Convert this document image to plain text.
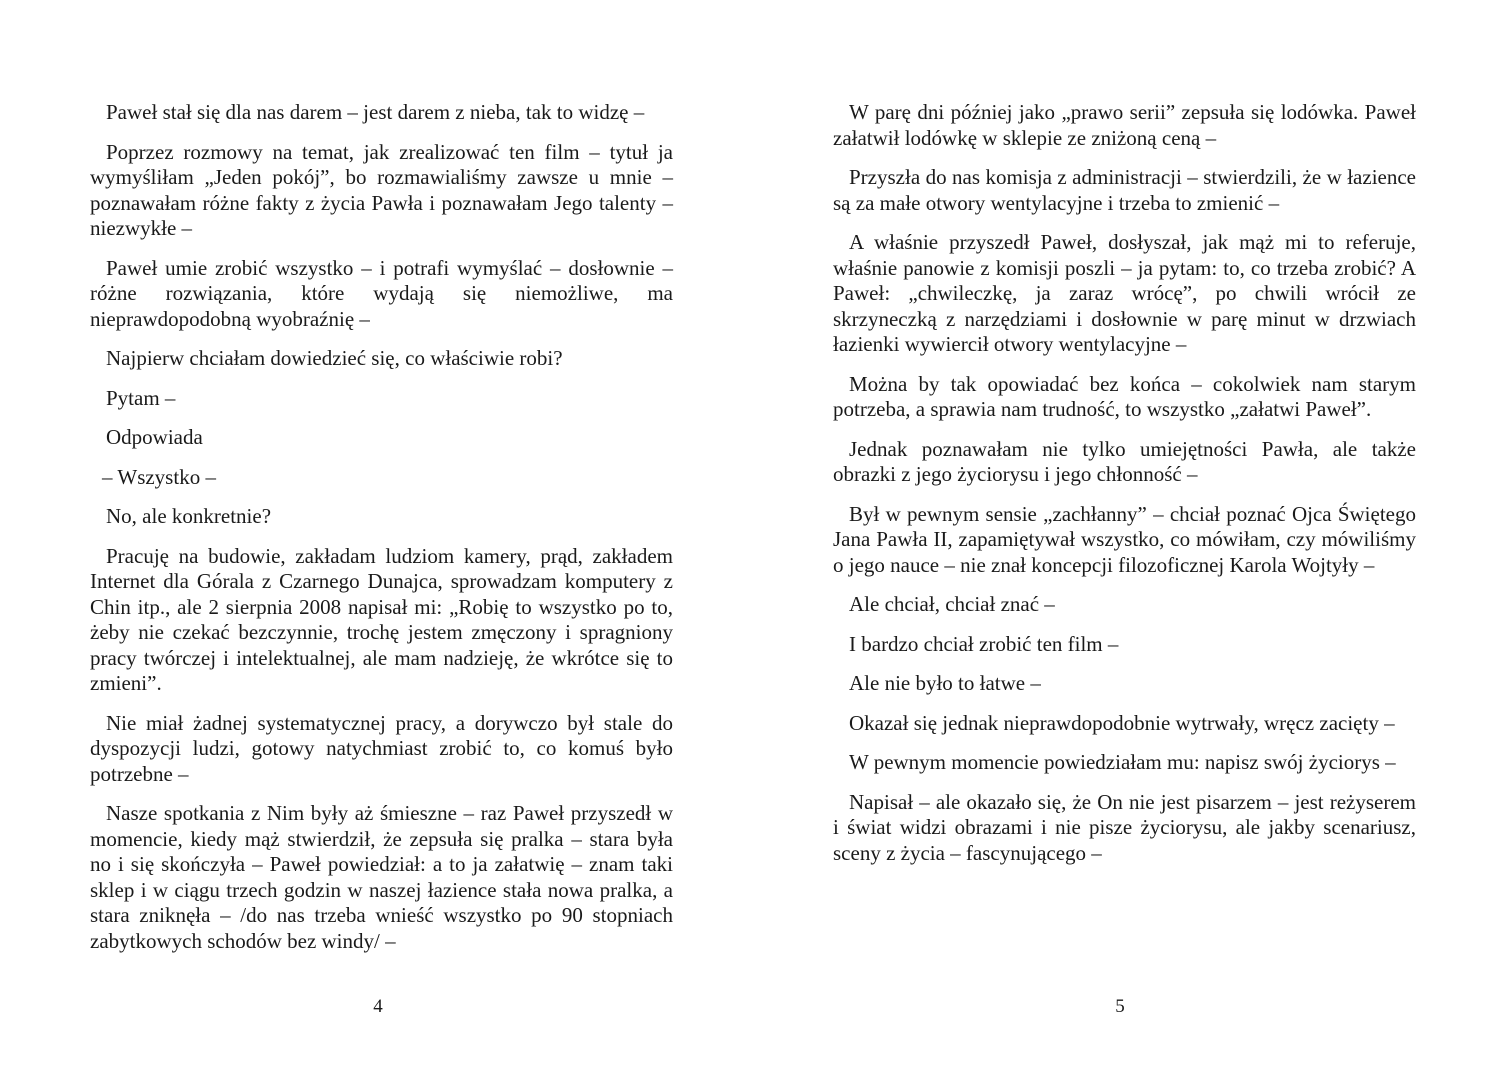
Paweł stał się dla nas darem – jest darem z nieba, tak to widzę –

Poprzez rozmowy na temat, jak zrealizować ten film – tytuł ja wymyśliłam „Jeden pokój”, bo rozmawialiśmy zawsze u mnie – poznawałam różne fakty z życia Pawła i poznawałam Jego talenty – niezwykłe –

Paweł umie zrobić wszystko – i potrafi wymyślać – dosłownie – różne rozwiązania, które wydają się niemożliwe, ma nieprawdopodobną wyobraźnię –

Najpierw chciałam dowiedzieć się, co właściwie robi?

Pytam –

Odpowiada

– Wszystko –

No, ale konkretnie?

Pracuję na budowie, zakładam ludziom kamery, prąd, zakładem Internet dla Górala z Czarnego Dunajca, sprowadzam komputery z Chin itp., ale 2 sierpnia 2008 napisał mi: „Robię to wszystko po to, żeby nie czekać bezczynnie, trochę jestem zmęczony i spragniony pracy twórczej i intelektualnej, ale mam nadzieję, że wkrótce się to zmieni”.

Nie miał żadnej systematycznej pracy, a dorywczo był stale do dyspozycji ludzi, gotowy natychmiast zrobić to, co komuś było potrzebne –

Nasze spotkania z Nim były aż śmieszne – raz Paweł przyszedł w momencie, kiedy mąż stwierdził, że zepsuła się pralka – stara była no i się skończyła – Paweł powiedział: a to ja załatwię – znam taki sklep i w ciągu trzech godzin w naszej łazience stała nowa pralka, a stara zniknęła – /do nas trzeba wnieść wszystko po 90 stopniach zabytkowych schodów bez windy/ –

4

W parę dni później jako „prawo serii” zepsuła się lodówka. Paweł załatwił lodówkę w sklepie ze zniżoną ceną –

Przyszła do nas komisja z administracji – stwierdzili, że w łazience są za małe otwory wentylacyjne i trzeba to zmienić –

A właśnie przyszedł Paweł, dosłyszał, jak mąż mi to referuje, właśnie panowie z komisji poszli – ja pytam: to, co trzeba zrobić? A Paweł: „chwileczkę, ja zaraz wrócę”, po chwili wrócił ze skrzyneczką z narzędziami i dosłownie w parę minut w drzwiach łazienki wywiercił otwory wentylacyjne –

Można by tak opowiadać bez końca – cokolwiek nam starym potrzeba, a sprawia nam trudność, to wszystko „załatwi Paweł”.

Jednak poznawałam nie tylko umiejętności Pawła, ale także obrazki z jego życiorysu i jego chłonność –

Był w pewnym sensie „zachłanny” – chciał poznać Ojca Świętego Jana Pawła II, zapamiętywał wszystko, co mówiłam, czy mówiliśmy o jego nauce – nie znał koncepcji filozoficznej Karola Wojtyły –

Ale chciał, chciał znać –

I bardzo chciał zrobić ten film –

Ale nie było to łatwe –

Okazał się jednak nieprawdopodobnie wytrwały, wręcz zacięty –

W pewnym momencie powiedziałam mu: napisz swój życiorys –

Napisał – ale okazało się, że On nie jest pisarzem – jest reżyserem i świat widzi obrazami i nie pisze życiorysu, ale jakby scenariusz, sceny z życia – fascynującego –

5
